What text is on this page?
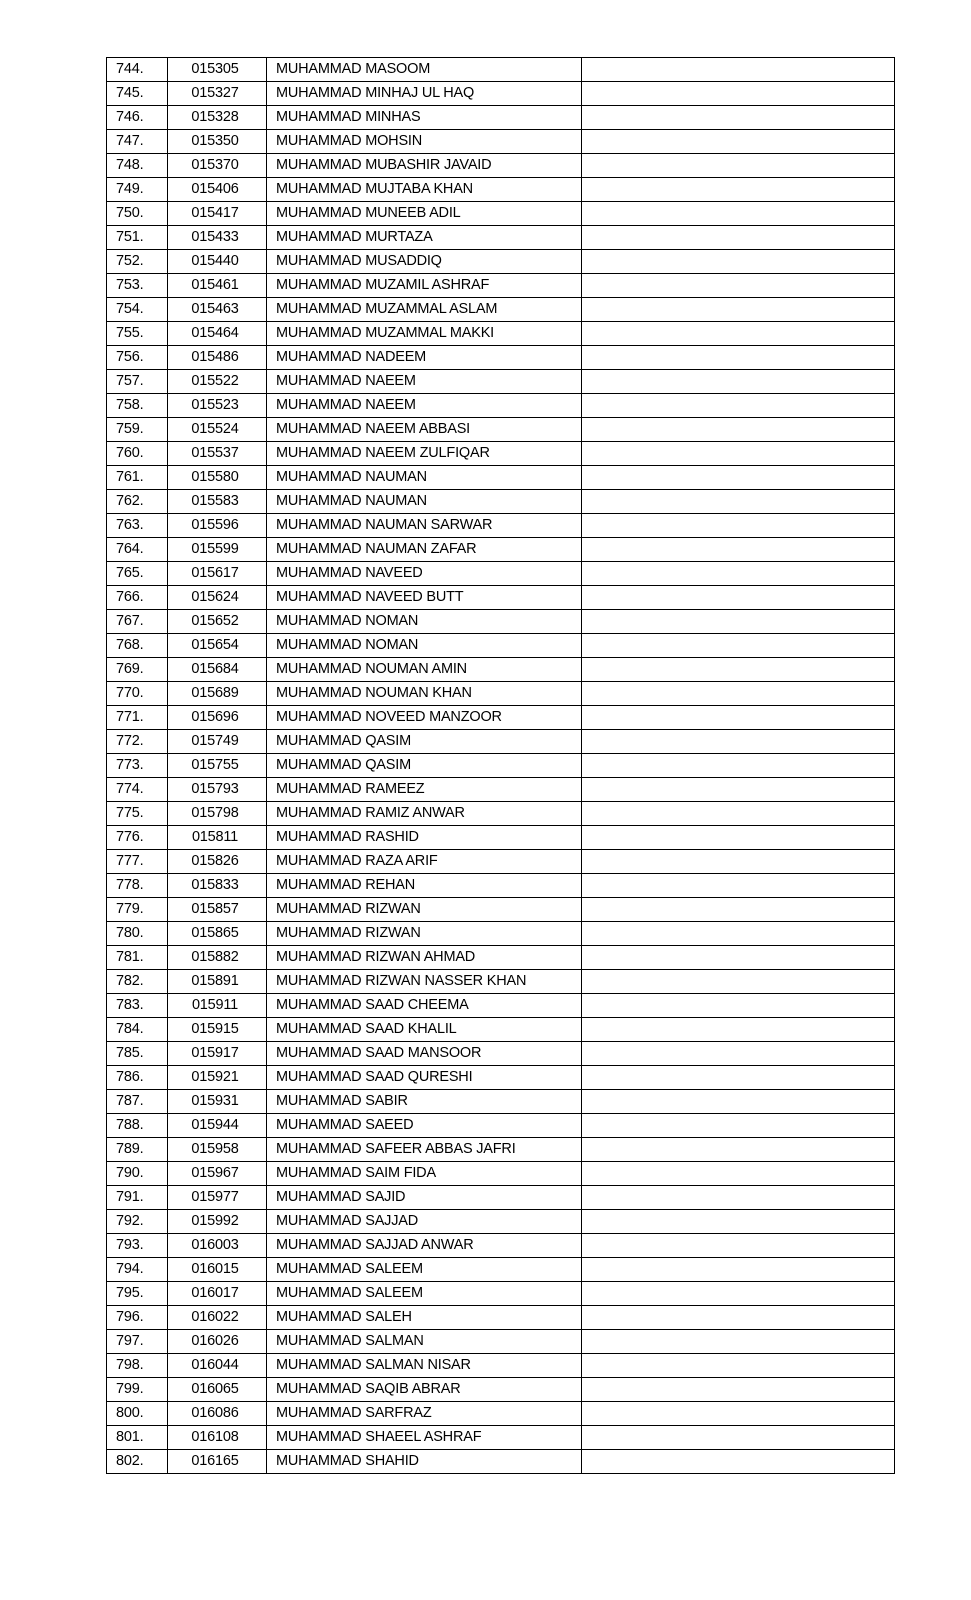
744.	015305	MUHAMMAD MASOOM	
745.	015327	MUHAMMAD MINHAJ UL HAQ	
746.	015328	MUHAMMAD MINHAS	
747.	015350	MUHAMMAD MOHSIN	
748.	015370	MUHAMMAD MUBASHIR JAVAID	
749.	015406	MUHAMMAD MUJTABA KHAN	
750.	015417	MUHAMMAD MUNEEB ADIL	
751.	015433	MUHAMMAD MURTAZA	
752.	015440	MUHAMMAD MUSADDIQ	
753.	015461	MUHAMMAD MUZAMIL ASHRAF	
754.	015463	MUHAMMAD MUZAMMAL ASLAM	
755.	015464	MUHAMMAD MUZAMMAL MAKKI	
756.	015486	MUHAMMAD NADEEM	
757.	015522	MUHAMMAD NAEEM	
758.	015523	MUHAMMAD NAEEM	
759.	015524	MUHAMMAD NAEEM ABBASI	
760.	015537	MUHAMMAD NAEEM ZULFIQAR	
761.	015580	MUHAMMAD NAUMAN	
762.	015583	MUHAMMAD NAUMAN	
763.	015596	MUHAMMAD NAUMAN SARWAR	
764.	015599	MUHAMMAD NAUMAN ZAFAR	
765.	015617	MUHAMMAD NAVEED	
766.	015624	MUHAMMAD NAVEED BUTT	
767.	015652	MUHAMMAD NOMAN	
768.	015654	MUHAMMAD NOMAN	
769.	015684	MUHAMMAD NOUMAN AMIN	
770.	015689	MUHAMMAD NOUMAN KHAN	
771.	015696	MUHAMMAD NOVEED MANZOOR	
772.	015749	MUHAMMAD QASIM	
773.	015755	MUHAMMAD QASIM	
774.	015793	MUHAMMAD RAMEEZ	
775.	015798	MUHAMMAD RAMIZ ANWAR	
776.	015811	MUHAMMAD RASHID	
777.	015826	MUHAMMAD RAZA ARIF	
778.	015833	MUHAMMAD REHAN	
779.	015857	MUHAMMAD RIZWAN	
780.	015865	MUHAMMAD RIZWAN	
781.	015882	MUHAMMAD RIZWAN AHMAD	
782.	015891	MUHAMMAD RIZWAN NASSER KHAN	
783.	015911	MUHAMMAD SAAD CHEEMA	
784.	015915	MUHAMMAD SAAD KHALIL	
785.	015917	MUHAMMAD SAAD MANSOOR	
786.	015921	MUHAMMAD SAAD QURESHI	
787.	015931	MUHAMMAD SABIR	
788.	015944	MUHAMMAD SAEED	
789.	015958	MUHAMMAD SAFEER ABBAS JAFRI	
790.	015967	MUHAMMAD SAIM FIDA	
791.	015977	MUHAMMAD SAJID	
792.	015992	MUHAMMAD SAJJAD	
793.	016003	MUHAMMAD SAJJAD ANWAR	
794.	016015	MUHAMMAD SALEEM	
795.	016017	MUHAMMAD SALEEM	
796.	016022	MUHAMMAD SALEH	
797.	016026	MUHAMMAD SALMAN	
798.	016044	MUHAMMAD SALMAN NISAR	
799.	016065	MUHAMMAD SAQIB ABRAR	
800.	016086	MUHAMMAD SARFRAZ	
801.	016108	MUHAMMAD SHAEEL ASHRAF	
802.	016165	MUHAMMAD SHAHID	
